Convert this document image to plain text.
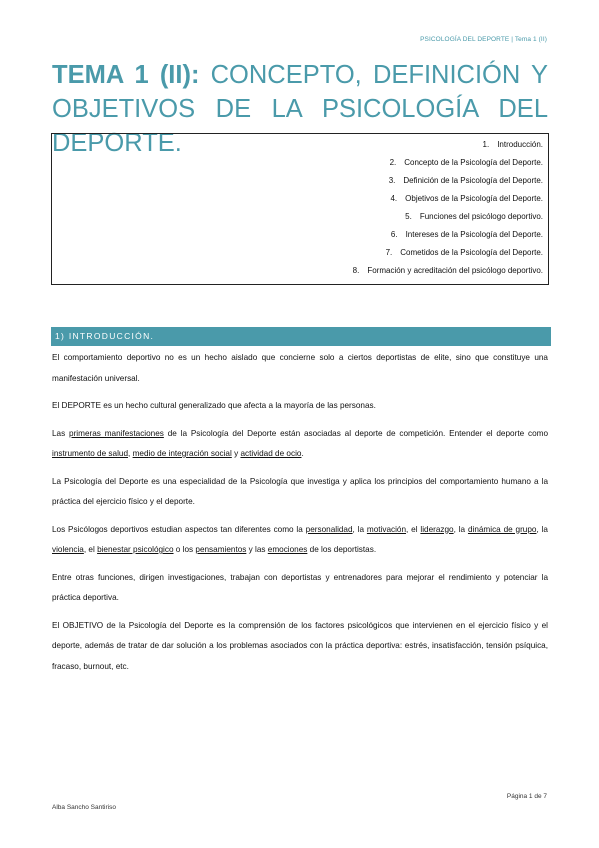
PSICOLOGÍA DEL DEPORTE | Tema 1 (II)
TEMA 1 (II): CONCEPTO, DEFINICIÓN Y OBJETIVOS DE LA PSICOLOGÍA DEL DEPORTE.	1. Introducción.
2. Concepto de la Psicología del Deporte.
3. Definición de la Psicología del Deporte.
4. Objetivos de la Psicología del Deporte.
5. Funciones del psicólogo deportivo.
6. Intereses de la Psicología del Deporte.
7. Cometidos de la Psicología del Deporte.
8. Formación y acreditación del psicólogo deportivo.
1) INTRODUCCIÓN.

El comportamiento deportivo no es un hecho aislado que concierne solo a ciertos deportistas de elite, sino que constituye una manifestación universal.

El DEPORTE es un hecho cultural generalizado que afecta a la mayoría de las personas.

Las primeras manifestaciones de la Psicología del Deporte están asociadas al deporte de competición. Entender el deporte como instrumento de salud, medio de integración social y actividad de ocio.

La Psicología del Deporte es una especialidad de la Psicología que investiga y aplica los principios del comportamiento humano a la práctica del ejercicio físico y el deporte.

Los Psicólogos deportivos estudian aspectos tan diferentes como la personalidad, la motivación, el liderazgo, la dinámica de grupo, la violencia, el bienestar psicológico o los pensamientos y las emociones de los deportistas.

Entre otras funciones, dirigen investigaciones, trabajan con deportistas y entrenadores para mejorar el rendimiento y potenciar la práctica deportiva.

El OBJETIVO de la Psicología del Deporte es la comprensión de los factores psicológicos que intervienen en el ejercicio físico y el deporte, además de tratar de dar solución a los problemas asociados con la práctica deportiva: estrés, insatisfacción, tensión psíquica, fracaso, burnout, etc.

Página 1 de 7
Alba Sancho Santiriso
